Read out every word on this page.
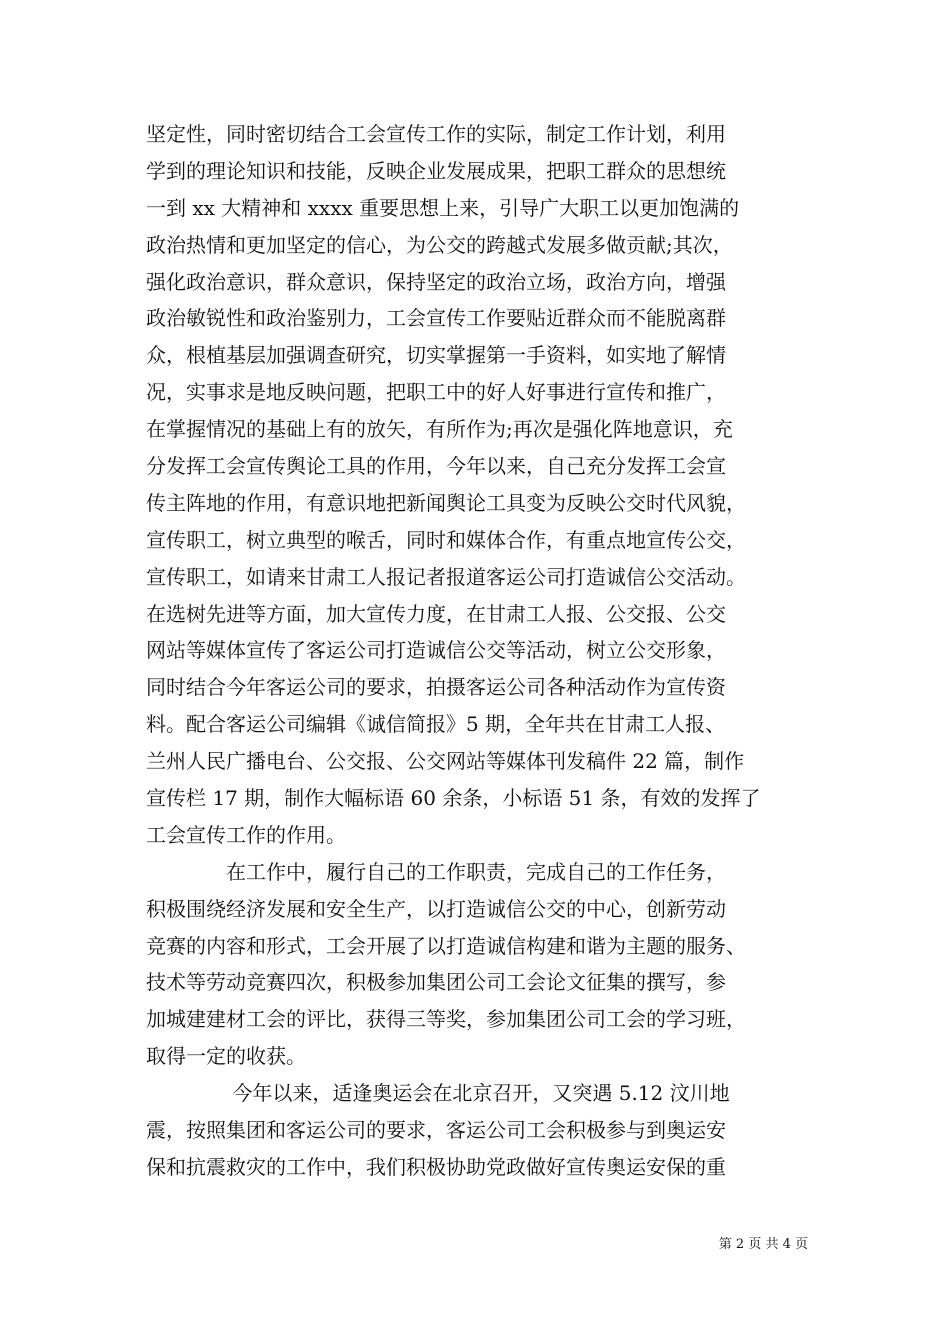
坚定性，同时密切结合工会宣传工作的实际，制定工作计划，利用
学到的理论知识和技能，反映企业发展成果，把职工群众的思想统
一到 xx 大精神和 xxxx 重要思想上来，引导广大职工以更加饱满的
政治热情和更加坚定的信心，为公交的跨越式发展多做贡献;其次，
强化政治意识，群众意识，保持坚定的政治立场，政治方向，增强
政治敏锐性和政治鉴别力，工会宣传工作要贴近群众而不能脱离群
众，根植基层加强调查研究，切实掌握第一手资料，如实地了解情
况，实事求是地反映问题，把职工中的好人好事进行宣传和推广，
在掌握情况的基础上有的放矢，有所作为;再次是强化阵地意识，充
分发挥工会宣传舆论工具的作用，今年以来，自己充分发挥工会宣
传主阵地的作用，有意识地把新闻舆论工具变为反映公交时代风貌，
宣传职工，树立典型的喉舌，同时和媒体合作，有重点地宣传公交，
宣传职工，如请来甘肃工人报记者报道客运公司打造诚信公交活动。
在选树先进等方面，加大宣传力度，在甘肃工人报、公交报、公交
网站等媒体宣传了客运公司打造诚信公交等活动，树立公交形象，
同时结合今年客运公司的要求，拍摄客运公司各种活动作为宣传资
料。配合客运公司编辑《诚信简报》5 期，全年共在甘肃工人报、
兰州人民广播电台、公交报、公交网站等媒体刊发稿件 22 篇，制作
宣传栏 17 期，制作大幅标语 60 余条，小标语 51 条，有效的发挥了
工会宣传工作的作用。
　　　　在工作中，履行自己的工作职责，完成自己的工作任务，
积极围绕经济发展和安全生产，以打造诚信公交的中心，创新劳动
竞赛的内容和形式，工会开展了以打造诚信构建和谐为主题的服务、
技术等劳动竞赛四次，积极参加集团公司工会论文征集的撰写，参
加城建建材工会的评比，获得三等奖，参加集团公司工会的学习班，
取得一定的收获。
　　　　 今年以来，适逢奥运会在北京召开，又突遇 5.12 汶川地
震，按照集团和客运公司的要求，客运公司工会积极参与到奥运安
保和抗震救灾的工作中，我们积极协助党政做好宣传奥运安保的重
第 2 页 共 4 页
